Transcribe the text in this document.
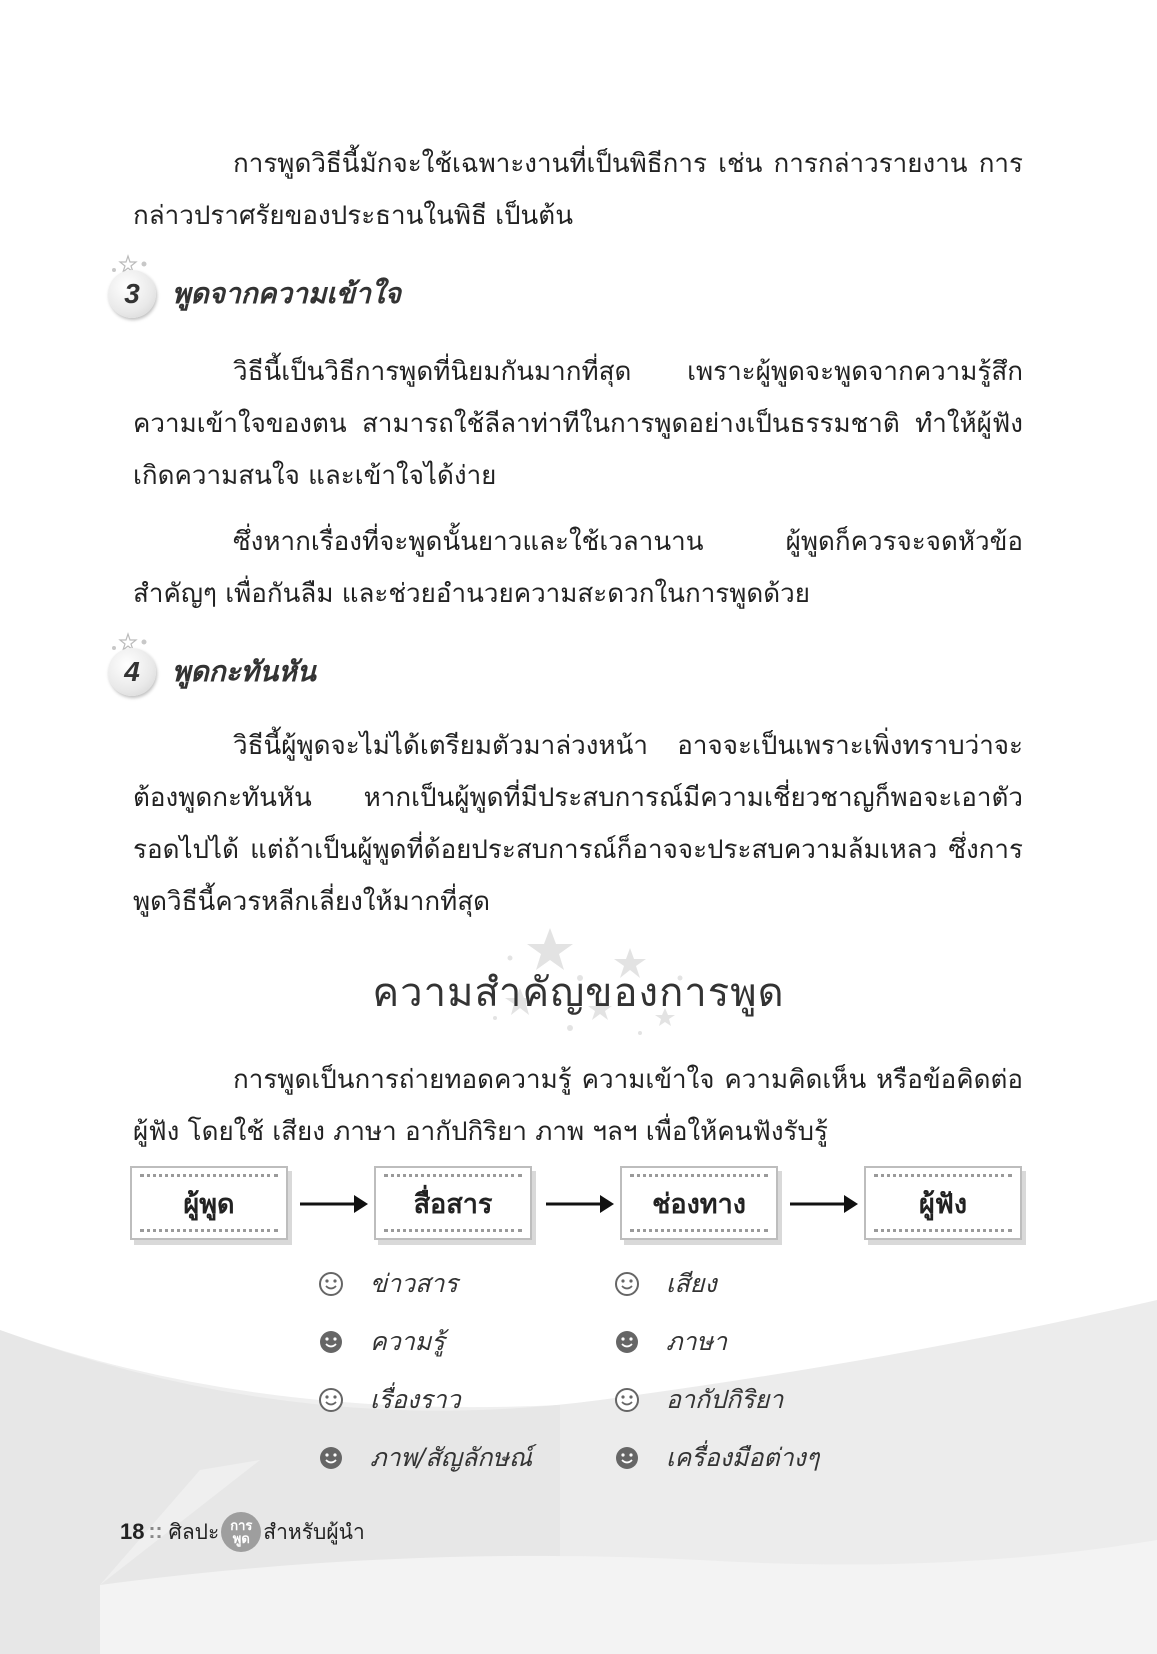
การพูดวิธีนี้มักจะใช้เฉพาะงานที่เป็นพิธีการ เช่น การกล่าวรายงาน การกล่าวปราศรัยของประธานในพิธี เป็นต้น

3	พูดจากความเข้าใจ

วิธีนี้เป็นวิธีการพูดที่นิยมกันมากที่สุด เพราะผู้พูดจะพูดจากความรู้สึก ความเข้าใจของตน สามารถใช้ลีลาท่าทีในการพูดอย่างเป็นธรรมชาติ ทำให้ผู้ฟังเกิดความสนใจ และเข้าใจได้ง่าย

ซึ่งหากเรื่องที่จะพูดนั้นยาวและใช้เวลานาน ผู้พูดก็ควรจะจดหัวข้อสำคัญๆ เพื่อกันลืม และช่วยอำนวยความสะดวกในการพูดด้วย

4	พูดกะทันหัน

วิธีนี้ผู้พูดจะไม่ได้เตรียมตัวมาล่วงหน้า อาจจะเป็นเพราะเพิ่งทราบว่าจะต้องพูดกะทันหัน หากเป็นผู้พูดที่มีประสบการณ์มีความเชี่ยวชาญก็พอจะเอาตัวรอดไปได้ แต่ถ้าเป็นผู้พูดที่ด้อยประสบการณ์ก็อาจจะประสบความล้มเหลว ซึ่งการพูดวิธีนี้ควรหลีกเลี่ยงให้มากที่สุด

ความสำคัญของการพูด

การพูดเป็นการถ่ายทอดความรู้ ความเข้าใจ ความคิดเห็น หรือข้อคิดต่อผู้ฟัง โดยใช้ เสียง ภาษา อากัปกิริยา ภาพ ฯลฯ เพื่อให้คนฟังรับรู้

ผู้พูด	สื่อสาร	ช่องทาง	ผู้ฟัง
ข่าวสาร
ความรู้
เรื่องราว
ภาพ/สัญลักษณ์
เสียง
ภาษา
อากัปกิริยา
เครื่องมือต่างๆ
18 :: ศิลปะ การ
พูด สำหรับผู้นำ
